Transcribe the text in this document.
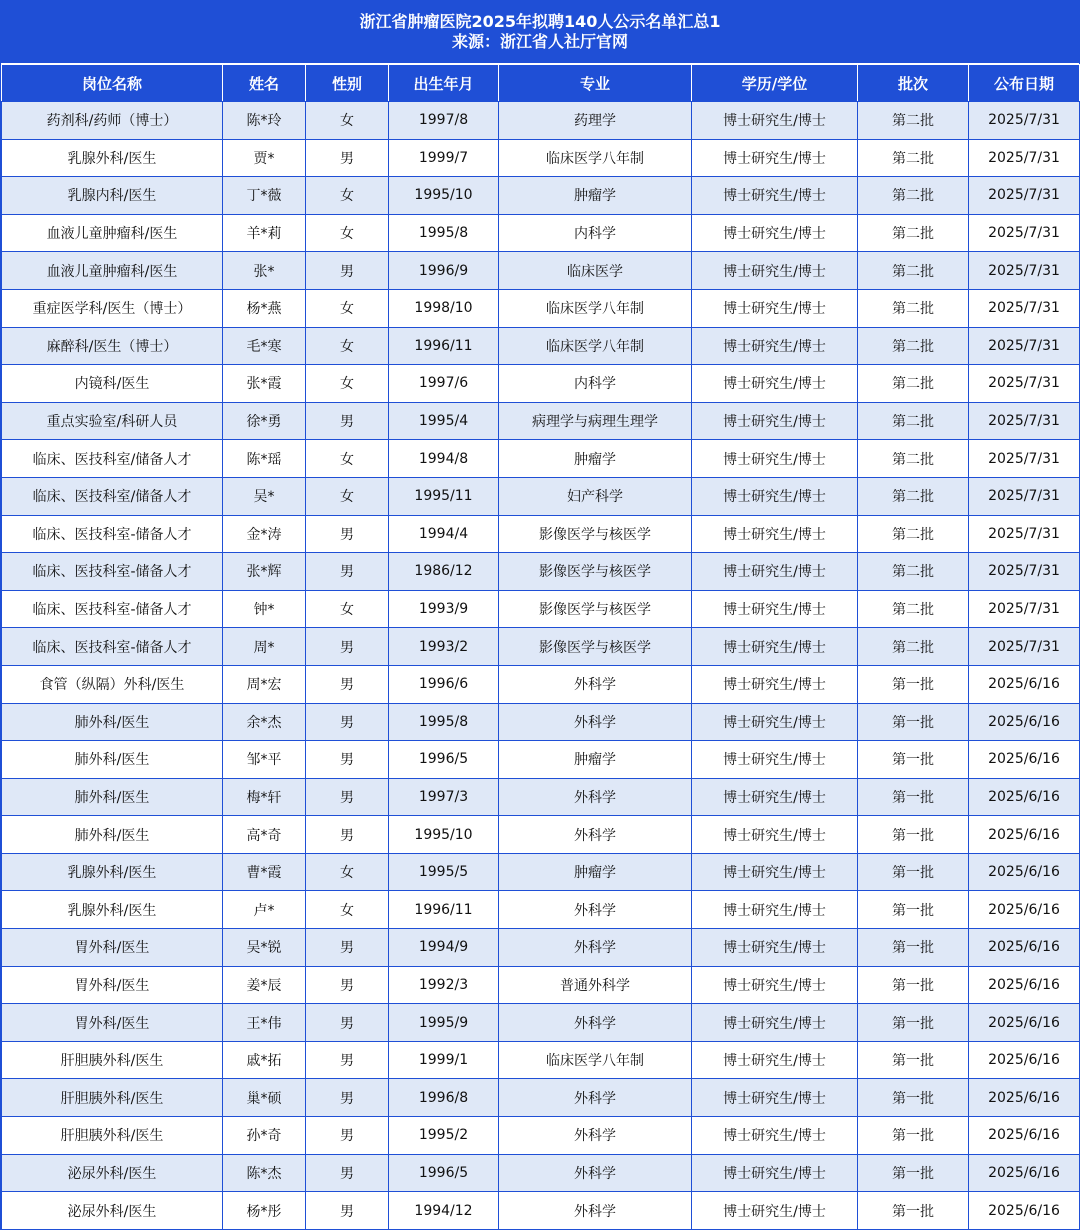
浙江省肿瘤医院2025年拟聘140人公示名单汇总1
来源：浙江省人社厅官网
岗位名称	姓名	性别	出生年月	专业	学历/学位	批次	公布日期
药剂科/药师（博士）	陈*玲	女	1997/8	药理学	博士研究生/博士	第二批	2025/7/31
乳腺外科/医生	贾*	男	1999/7	临床医学八年制	博士研究生/博士	第二批	2025/7/31
乳腺内科/医生	丁*薇	女	1995/10	肿瘤学	博士研究生/博士	第二批	2025/7/31
血液儿童肿瘤科/医生	羊*莉	女	1995/8	内科学	博士研究生/博士	第二批	2025/7/31
血液儿童肿瘤科/医生	张*	男	1996/9	临床医学	博士研究生/博士	第二批	2025/7/31
重症医学科/医生（博士）	杨*燕	女	1998/10	临床医学八年制	博士研究生/博士	第二批	2025/7/31
麻醉科/医生（博士）	毛*寒	女	1996/11	临床医学八年制	博士研究生/博士	第二批	2025/7/31
内镜科/医生	张*霞	女	1997/6	内科学	博士研究生/博士	第二批	2025/7/31
重点实验室/科研人员	徐*勇	男	1995/4	病理学与病理生理学	博士研究生/博士	第二批	2025/7/31
临床、医技科室/储备人才	陈*瑶	女	1994/8	肿瘤学	博士研究生/博士	第二批	2025/7/31
临床、医技科室/储备人才	吴*	女	1995/11	妇产科学	博士研究生/博士	第二批	2025/7/31
临床、医技科室-储备人才	金*涛	男	1994/4	影像医学与核医学	博士研究生/博士	第二批	2025/7/31
临床、医技科室-储备人才	张*辉	男	1986/12	影像医学与核医学	博士研究生/博士	第二批	2025/7/31
临床、医技科室-储备人才	钟*	女	1993/9	影像医学与核医学	博士研究生/博士	第二批	2025/7/31
临床、医技科室-储备人才	周*	男	1993/2	影像医学与核医学	博士研究生/博士	第二批	2025/7/31
食管（纵隔）外科/医生	周*宏	男	1996/6	外科学	博士研究生/博士	第一批	2025/6/16
肺外科/医生	余*杰	男	1995/8	外科学	博士研究生/博士	第一批	2025/6/16
肺外科/医生	邹*平	男	1996/5	肿瘤学	博士研究生/博士	第一批	2025/6/16
肺外科/医生	梅*轩	男	1997/3	外科学	博士研究生/博士	第一批	2025/6/16
肺外科/医生	高*奇	男	1995/10	外科学	博士研究生/博士	第一批	2025/6/16
乳腺外科/医生	曹*霞	女	1995/5	肿瘤学	博士研究生/博士	第一批	2025/6/16
乳腺外科/医生	卢*	女	1996/11	外科学	博士研究生/博士	第一批	2025/6/16
胃外科/医生	吴*锐	男	1994/9	外科学	博士研究生/博士	第一批	2025/6/16
胃外科/医生	姜*辰	男	1992/3	普通外科学	博士研究生/博士	第一批	2025/6/16
胃外科/医生	王*伟	男	1995/9	外科学	博士研究生/博士	第一批	2025/6/16
肝胆胰外科/医生	戚*拓	男	1999/1	临床医学八年制	博士研究生/博士	第一批	2025/6/16
肝胆胰外科/医生	巢*硕	男	1996/8	外科学	博士研究生/博士	第一批	2025/6/16
肝胆胰外科/医生	孙*奇	男	1995/2	外科学	博士研究生/博士	第一批	2025/6/16
泌尿外科/医生	陈*杰	男	1996/5	外科学	博士研究生/博士	第一批	2025/6/16
泌尿外科/医生	杨*彤	男	1994/12	外科学	博士研究生/博士	第一批	2025/6/16
